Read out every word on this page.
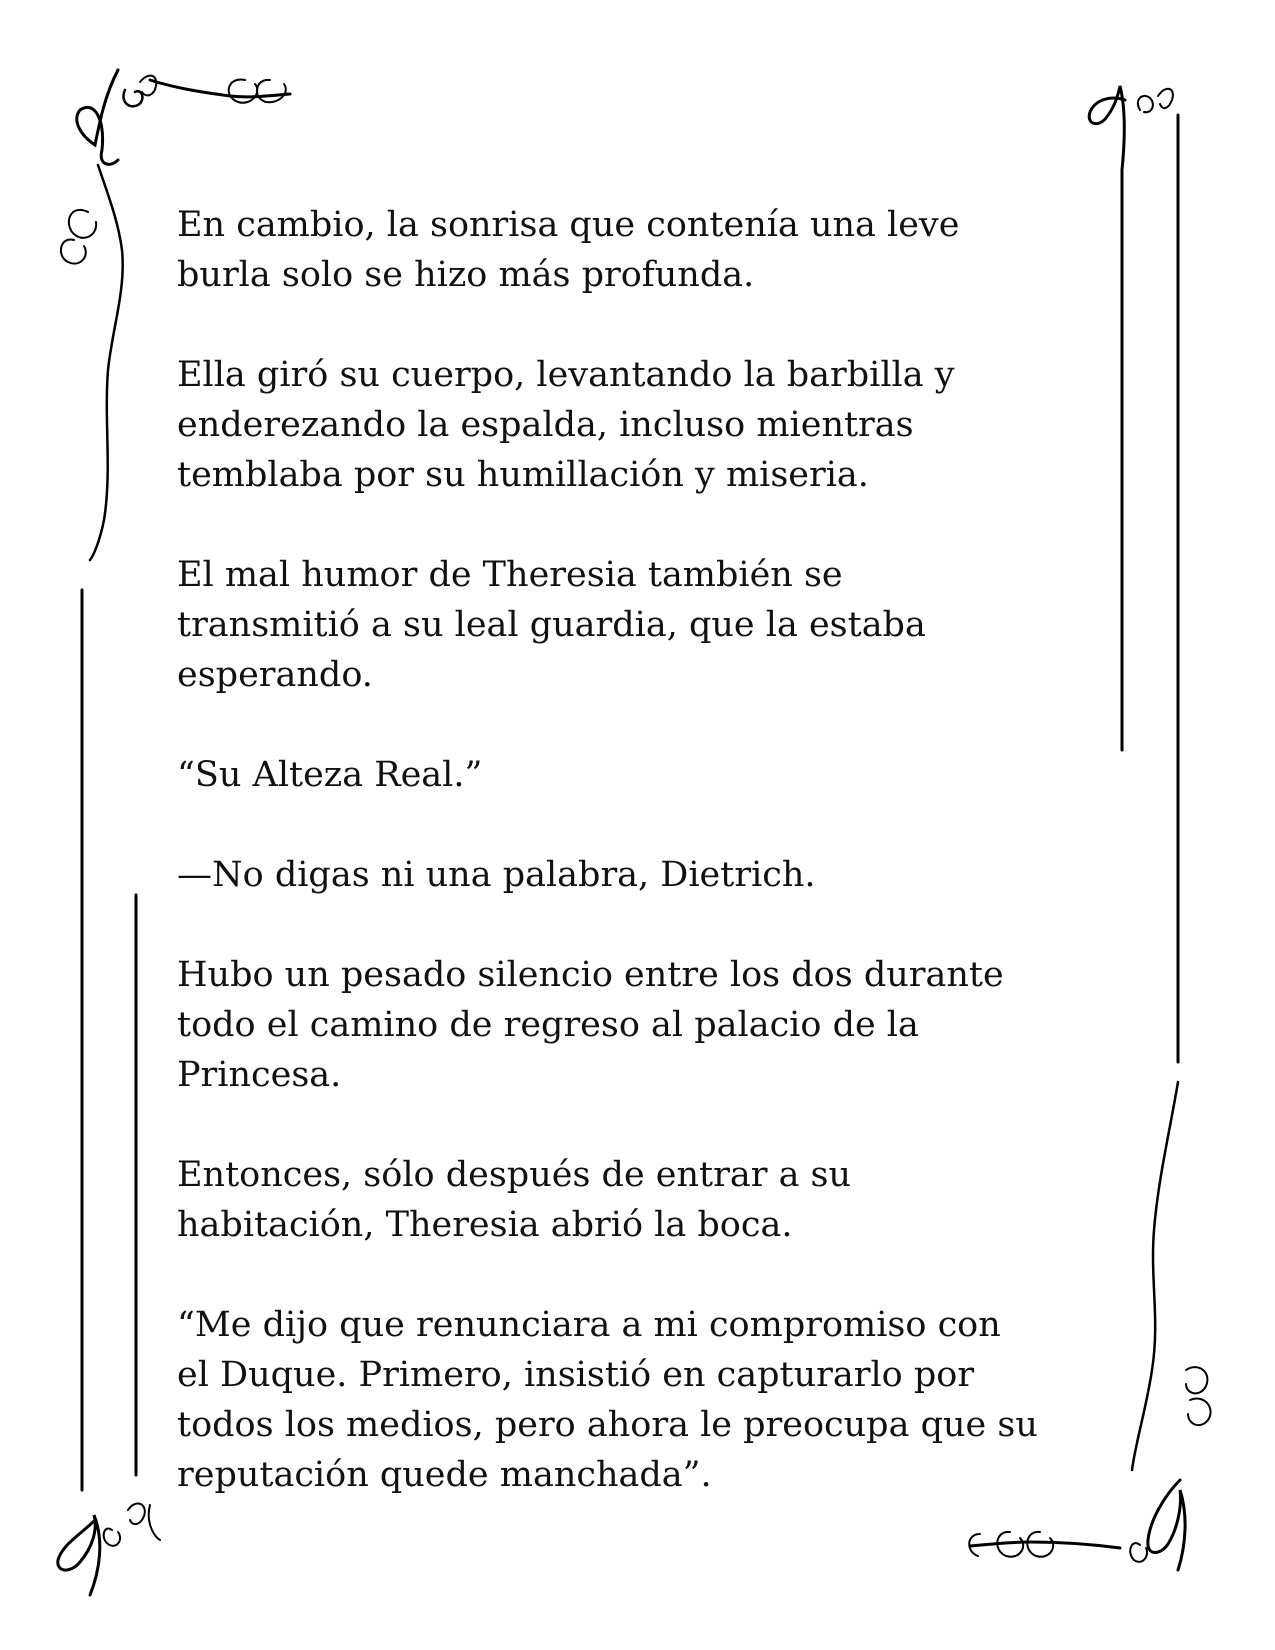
En cambio, la sonrisa que contenía una leve
burla solo se hizo más profunda.

Ella giró su cuerpo, levantando la barbilla y
enderezando la espalda, incluso mientras
temblaba por su humillación y miseria.

El mal humor de Theresia también se
transmitió a su leal guardia, que la estaba
esperando.

“Su Alteza Real.”

—No digas ni una palabra, Dietrich.

Hubo un pesado silencio entre los dos durante
todo el camino de regreso al palacio de la
Princesa.

Entonces, sólo después de entrar a su
habitación, Theresia abrió la boca.

“Me dijo que renunciara a mi compromiso con
el Duque. Primero, insistió en capturarlo por
todos los medios, pero ahora le preocupa que su
reputación quede manchada”.
